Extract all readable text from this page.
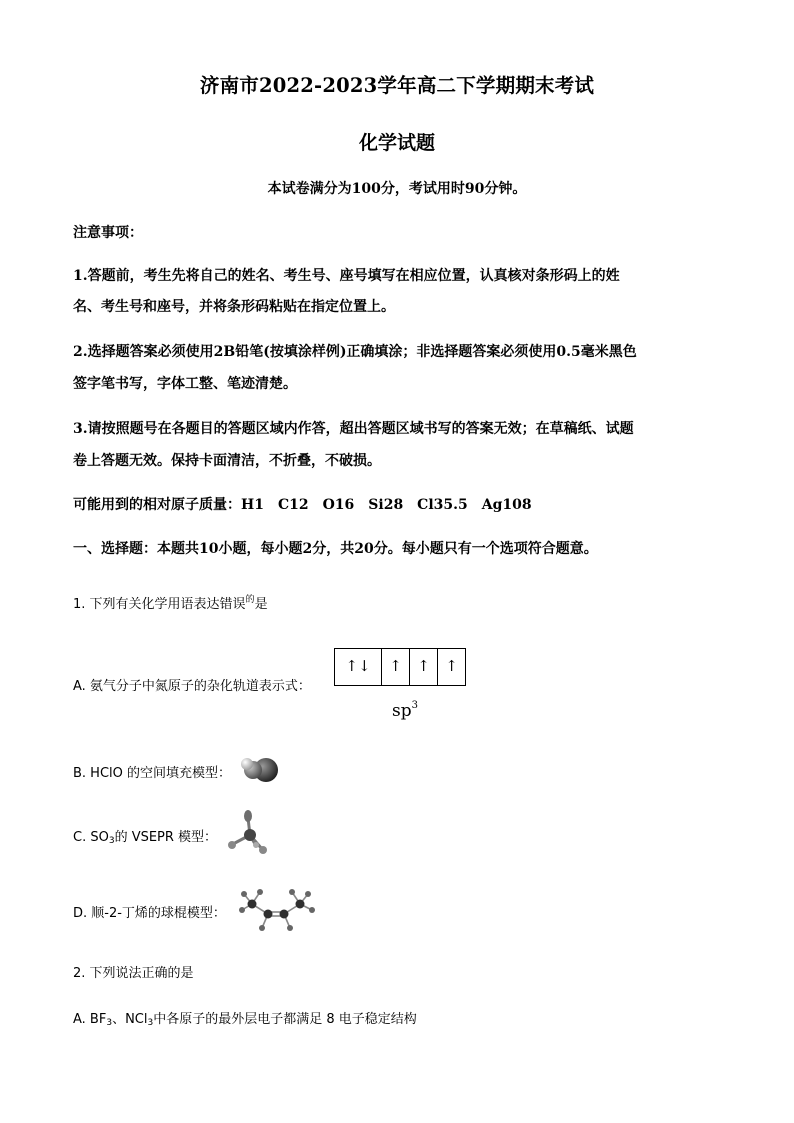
济南市2022-2023学年高二下学期期末考试
化学试题
本试卷满分为100分，考试用时90分钟。
注意事项：
1.答题前，考生先将自己的姓名、考生号、座号填写在相应位置，认真核对条形码上的姓
名、考生号和座号，并将条形码粘贴在指定位置上。
2.选择题答案必须使用2B铅笔(按填涂样例)正确填涂；非选择题答案必须使用0.5毫米黑色
签字笔书写，字体工整、笔迹清楚。
3.请按照题号在各题目的答题区域内作答，超出答题区域书写的答案无效；在草稿纸、试题
卷上答题无效。保持卡面清洁，不折叠，不破损。
可能用到的相对原子质量：H1　C12　O16　Si28　Cl35.5　Ag108
一、选择题：本题共10小题，每小题2分，共20分。每小题只有一个选项符合题意。
1. 下列有关化学用语表达错误$^的$是
A. 氨气分子中氮原子的杂化轨道表示式：
↑↓	↑	↑	↑
$sp^3$
B. HClO 的空间填充模型：
C. $SO_3$的 VSEPR 模型：
D. 顺-2-丁烯的球棍模型：
2. 下列说法正确的是
A. $BF_3$、NCl$_3$中各原子的最外层电子都满足 8 电子稳定结构
